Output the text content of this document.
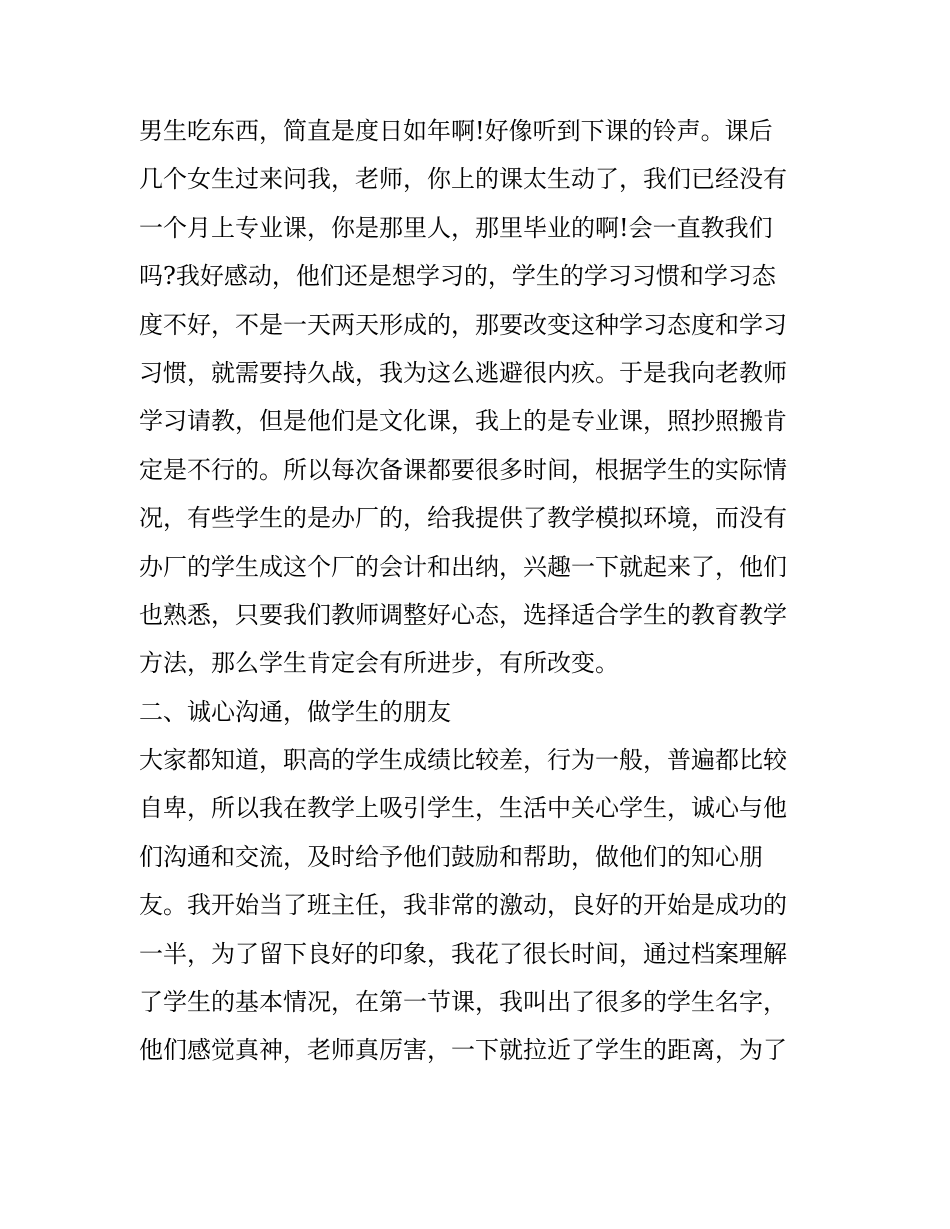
男生吃东西，简直是度日如年啊!好像听到下课的铃声。课后
几个女生过来问我，老师，你上的课太生动了，我们已经没有
一个月上专业课，你是那里人，那里毕业的啊!会一直教我们
吗?我好感动，他们还是想学习的，学生的学习习惯和学习态
度不好，不是一天两天形成的，那要改变这种学习态度和学习
习惯，就需要持久战，我为这么逃避很内疚。于是我向老教师
学习请教，但是他们是文化课，我上的是专业课，照抄照搬肯
定是不行的。所以每次备课都要很多时间，根据学生的实际情
况，有些学生的是办厂的，给我提供了教学模拟环境，而没有
办厂的学生成这个厂的会计和出纳，兴趣一下就起来了，他们
也熟悉，只要我们教师调整好心态，选择适合学生的教育教学
方法，那么学生肯定会有所进步，有所改变。
二、诚心沟通，做学生的朋友
大家都知道，职高的学生成绩比较差，行为一般，普遍都比较
自卑，所以我在教学上吸引学生，生活中关心学生，诚心与他
们沟通和交流，及时给予他们鼓励和帮助，做他们的知心朋
友。我开始当了班主任，我非常的激动，良好的开始是成功的
一半，为了留下良好的印象，我花了很长时间，通过档案理解
了学生的基本情况，在第一节课，我叫出了很多的学生名字，
他们感觉真神，老师真厉害，一下就拉近了学生的距离，为了
